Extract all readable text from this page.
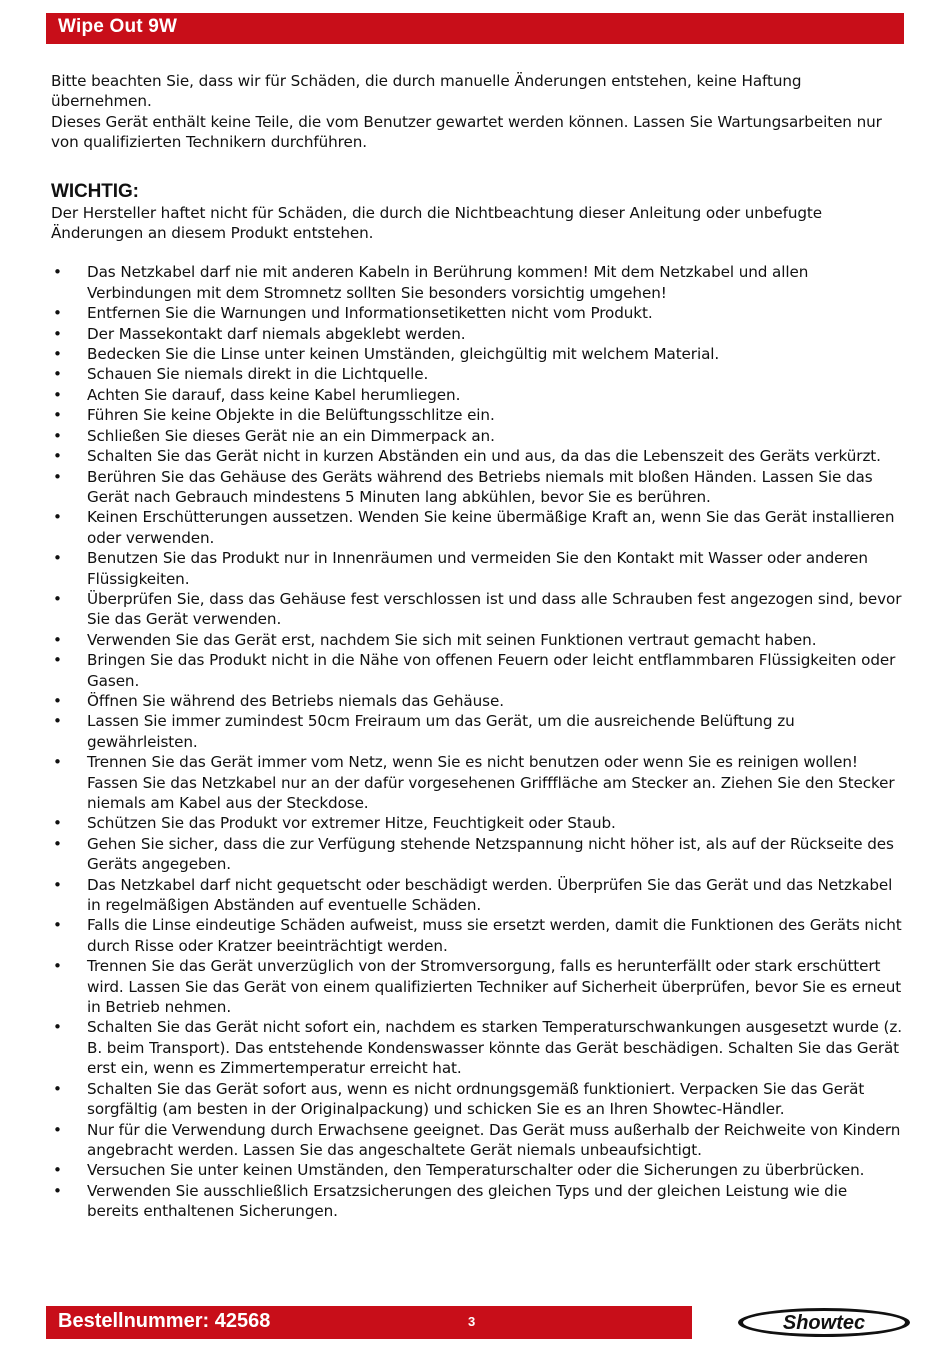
Wipe Out 9W

Bitte beachten Sie, dass wir für Schäden, die durch manuelle Änderungen entstehen, keine Haftung übernehmen.

Dieses Gerät enthält keine Teile, die vom Benutzer gewartet werden können. Lassen Sie Wartungsarbeiten nur von qualifizierten Technikern durchführen.

WICHTIG:

Der Hersteller haftet nicht für Schäden, die durch die Nichtbeachtung dieser Anleitung oder unbefugte Änderungen an diesem Produkt entstehen.

• Das Netzkabel darf nie mit anderen Kabeln in Berührung kommen! Mit dem Netzkabel und allen Verbindungen mit dem Stromnetz sollten Sie besonders vorsichtig umgehen!
• Entfernen Sie die Warnungen und Informationsetiketten nicht vom Produkt.
• Der Massekontakt darf niemals abgeklebt werden.
• Bedecken Sie die Linse unter keinen Umständen, gleichgültig mit welchem Material.
• Schauen Sie niemals direkt in die Lichtquelle.
• Achten Sie darauf, dass keine Kabel herumliegen.
• Führen Sie keine Objekte in die Belüftungsschlitze ein.
• Schließen Sie dieses Gerät nie an ein Dimmerpack an.
• Schalten Sie das Gerät nicht in kurzen Abständen ein und aus, da das die Lebenszeit des Geräts verkürzt.
• Berühren Sie das Gehäuse des Geräts während des Betriebs niemals mit bloßen Händen. Lassen Sie das Gerät nach Gebrauch mindestens 5 Minuten lang abkühlen, bevor Sie es berühren.
• Keinen Erschütterungen aussetzen. Wenden Sie keine übermäßige Kraft an, wenn Sie das Gerät installieren oder verwenden.
• Benutzen Sie das Produkt nur in Innenräumen und vermeiden Sie den Kontakt mit Wasser oder anderen Flüssigkeiten.
• Überprüfen Sie, dass das Gehäuse fest verschlossen ist und dass alle Schrauben fest angezogen sind, bevor Sie das Gerät verwenden.
• Verwenden Sie das Gerät erst, nachdem Sie sich mit seinen Funktionen vertraut gemacht haben.
• Bringen Sie das Produkt nicht in die Nähe von offenen Feuern oder leicht entflammbaren Flüssigkeiten oder Gasen.
• Öffnen Sie während des Betriebs niemals das Gehäuse.
• Lassen Sie immer zumindest 50cm Freiraum um das Gerät, um die ausreichende Belüftung zu gewährleisten.
• Trennen Sie das Gerät immer vom Netz, wenn Sie es nicht benutzen oder wenn Sie es reinigen wollen! Fassen Sie das Netzkabel nur an der dafür vorgesehenen Grifffläche am Stecker an. Ziehen Sie den Stecker niemals am Kabel aus der Steckdose.
• Schützen Sie das Produkt vor extremer Hitze, Feuchtigkeit oder Staub.
• Gehen Sie sicher, dass die zur Verfügung stehende Netzspannung nicht höher ist, als auf der Rückseite des Geräts angegeben.
• Das Netzkabel darf nicht gequetscht oder beschädigt werden. Überprüfen Sie das Gerät und das Netzkabel in regelmäßigen Abständen auf eventuelle Schäden.
• Falls die Linse eindeutige Schäden aufweist, muss sie ersetzt werden, damit die Funktionen des Geräts nicht durch Risse oder Kratzer beeinträchtigt werden.
• Trennen Sie das Gerät unverzüglich von der Stromversorgung, falls es herunterfällt oder stark erschüttert wird. Lassen Sie das Gerät von einem qualifizierten Techniker auf Sicherheit überprüfen, bevor Sie es erneut in Betrieb nehmen.
• Schalten Sie das Gerät nicht sofort ein, nachdem es starken Temperaturschwankungen ausgesetzt wurde (z. B. beim Transport). Das entstehende Kondenswasser könnte das Gerät beschädigen. Schalten Sie das Gerät erst ein, wenn es Zimmertemperatur erreicht hat.
• Schalten Sie das Gerät sofort aus, wenn es nicht ordnungsgemäß funktioniert. Verpacken Sie das Gerät sorgfältig (am besten in der Originalpackung) und schicken Sie es an Ihren Showtec-Händler.
• Nur für die Verwendung durch Erwachsene geeignet. Das Gerät muss außerhalb der Reichweite von Kindern angebracht werden. Lassen Sie das angeschaltete Gerät niemals unbeaufsichtigt.
• Versuchen Sie unter keinen Umständen, den Temperaturschalter oder die Sicherungen zu überbrücken.
• Verwenden Sie ausschließlich Ersatzsicherungen des gleichen Typs und der gleichen Leistung wie die bereits enthaltenen Sicherungen.
Bestellnummer: 42568	3	Showtec
